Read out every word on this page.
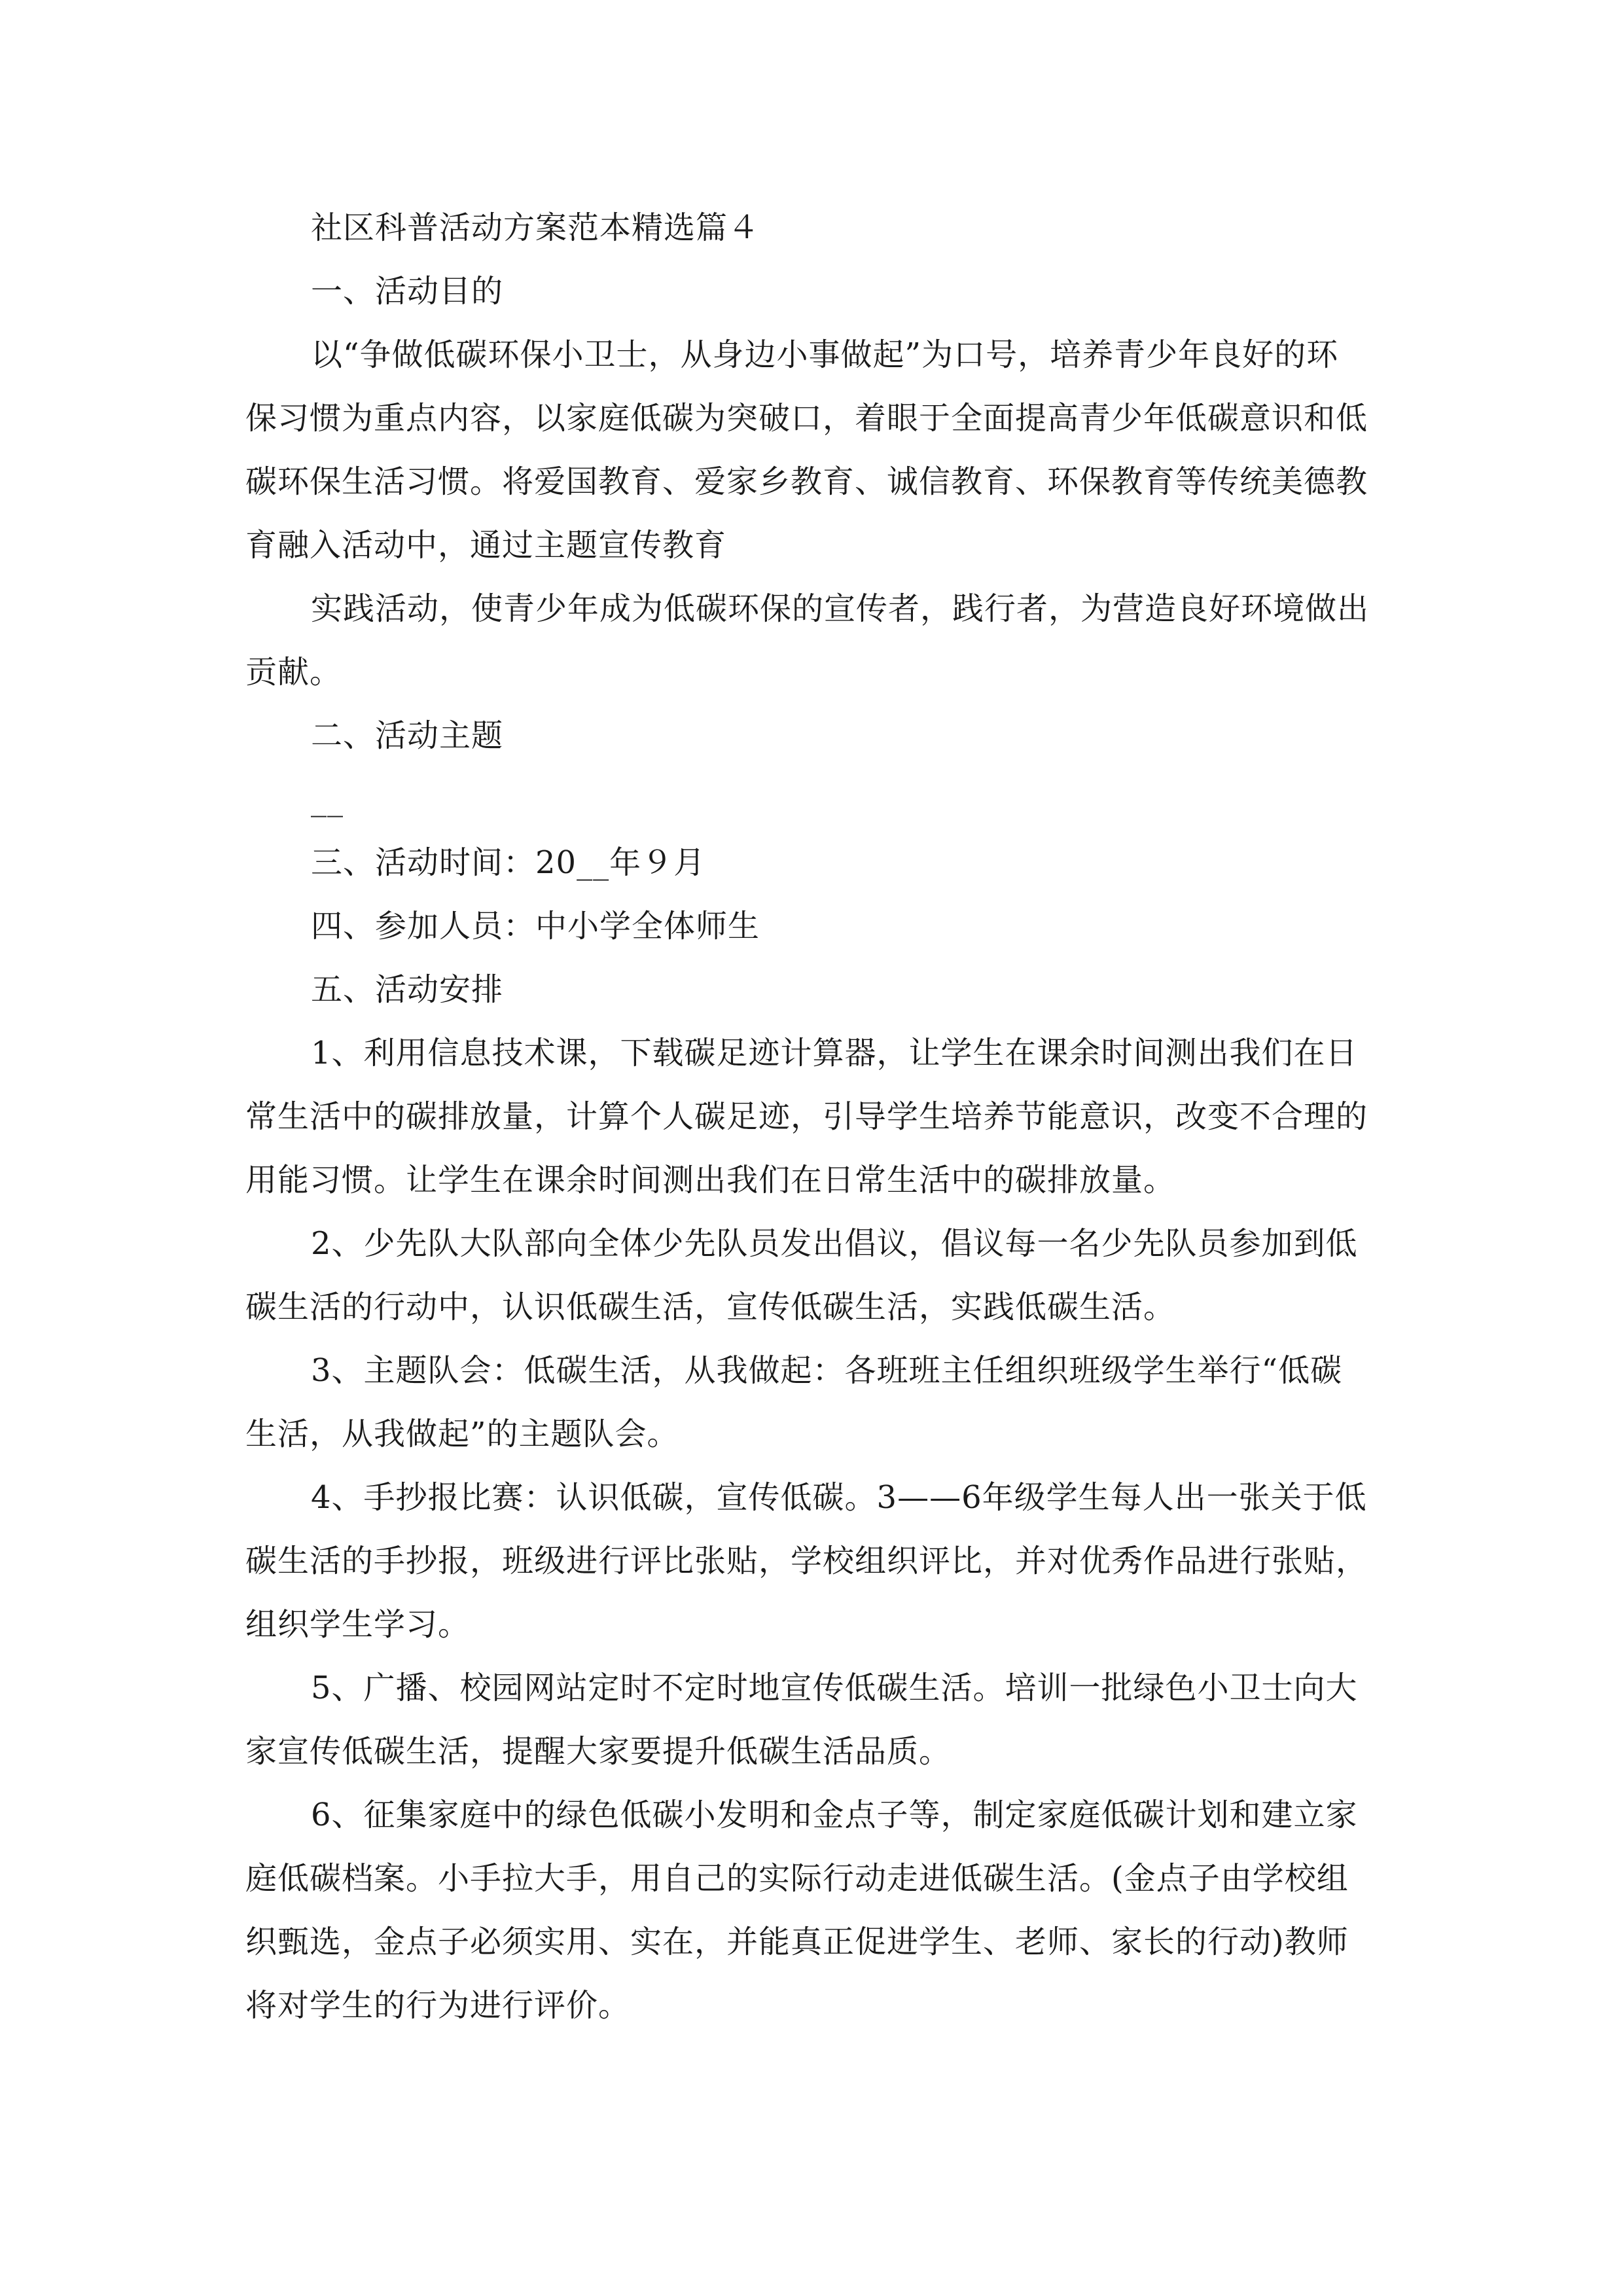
社区科普活动方案范本精选篇４
一、活动目的
以“争做低碳环保小卫士，从身边小事做起”为口号，培养青少年良好的环
保习惯为重点内容，以家庭低碳为突破口，着眼于全面提高青少年低碳意识和低
碳环保生活习惯。将爱国教育、爱家乡教育、诚信教育、环保教育等传统美德教
育融入活动中，通过主题宣传教育
实践活动，使青少年成为低碳环保的宣传者，践行者，为营造良好环境做出
贡献。
二、活动主题
__
三、活动时间：20__年９月
四、参加人员：中小学全体师生
五、活动安排
1、利用信息技术课，下载碳足迹计算器，让学生在课余时间测出我们在日
常生活中的碳排放量，计算个人碳足迹，引导学生培养节能意识，改变不合理的
用能习惯。让学生在课余时间测出我们在日常生活中的碳排放量。
2、少先队大队部向全体少先队员发出倡议，倡议每一名少先队员参加到低
碳生活的行动中，认识低碳生活，宣传低碳生活，实践低碳生活。
3、主题队会：低碳生活，从我做起：各班班主任组织班级学生举行“低碳
生活，从我做起”的主题队会。
4、手抄报比赛：认识低碳，宣传低碳。3——6年级学生每人出一张关于低
碳生活的手抄报，班级进行评比张贴，学校组织评比，并对优秀作品进行张贴，
组织学生学习。
5、广播、校园网站定时不定时地宣传低碳生活。培训一批绿色小卫士向大
家宣传低碳生活，提醒大家要提升低碳生活品质。
6、征集家庭中的绿色低碳小发明和金点子等，制定家庭低碳计划和建立家
庭低碳档案。小手拉大手，用自己的实际行动走进低碳生活。(金点子由学校组
织甄选，金点子必须实用、实在，并能真正促进学生、老师、家长的行动)教师
将对学生的行为进行评价。
